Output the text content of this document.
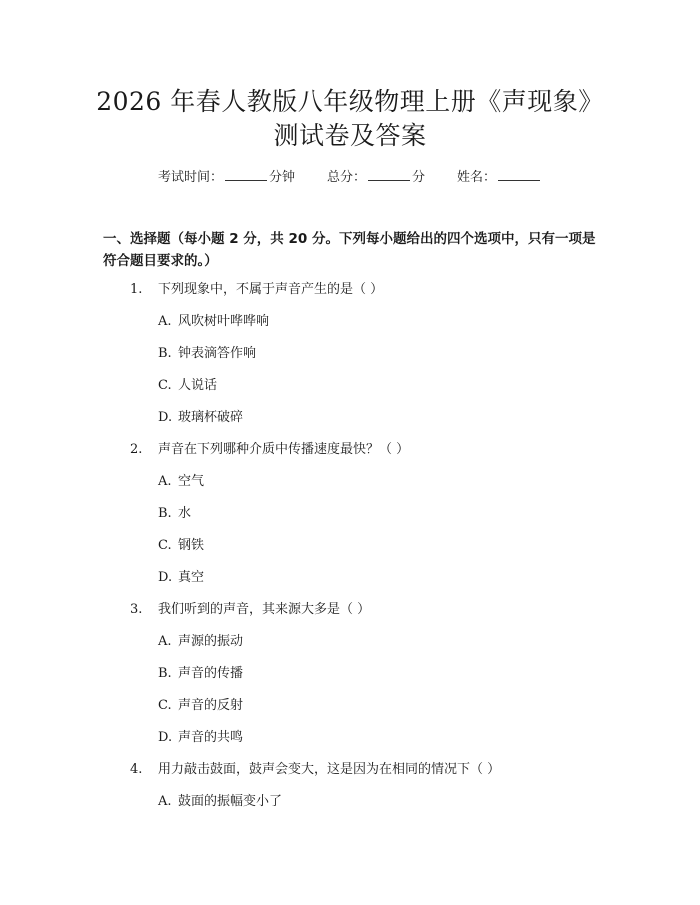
2026 年春人教版八年级物理上册《声现象》
测试卷及答案
考试时间：	分钟 总分：	分 姓名：
一、选择题（每小题 2 分，共 20 分。下列每小题给出的四个选项中，只有一项是符合题目要求的。）
1. 下列现象中，不属于声音产生的是（ ）
A. 风吹树叶哗哗响
B. 钟表滴答作响
C. 人说话
D. 玻璃杯破碎
2. 声音在下列哪种介质中传播速度最快？（ ）
A. 空气
B. 水
C. 钢铁
D. 真空
3. 我们听到的声音，其来源大多是（ ）
A. 声源的振动
B. 声音的传播
C. 声音的反射
D. 声音的共鸣
4. 用力敲击鼓面，鼓声会变大，这是因为在相同的情况下（ ）
A. 鼓面的振幅变小了
